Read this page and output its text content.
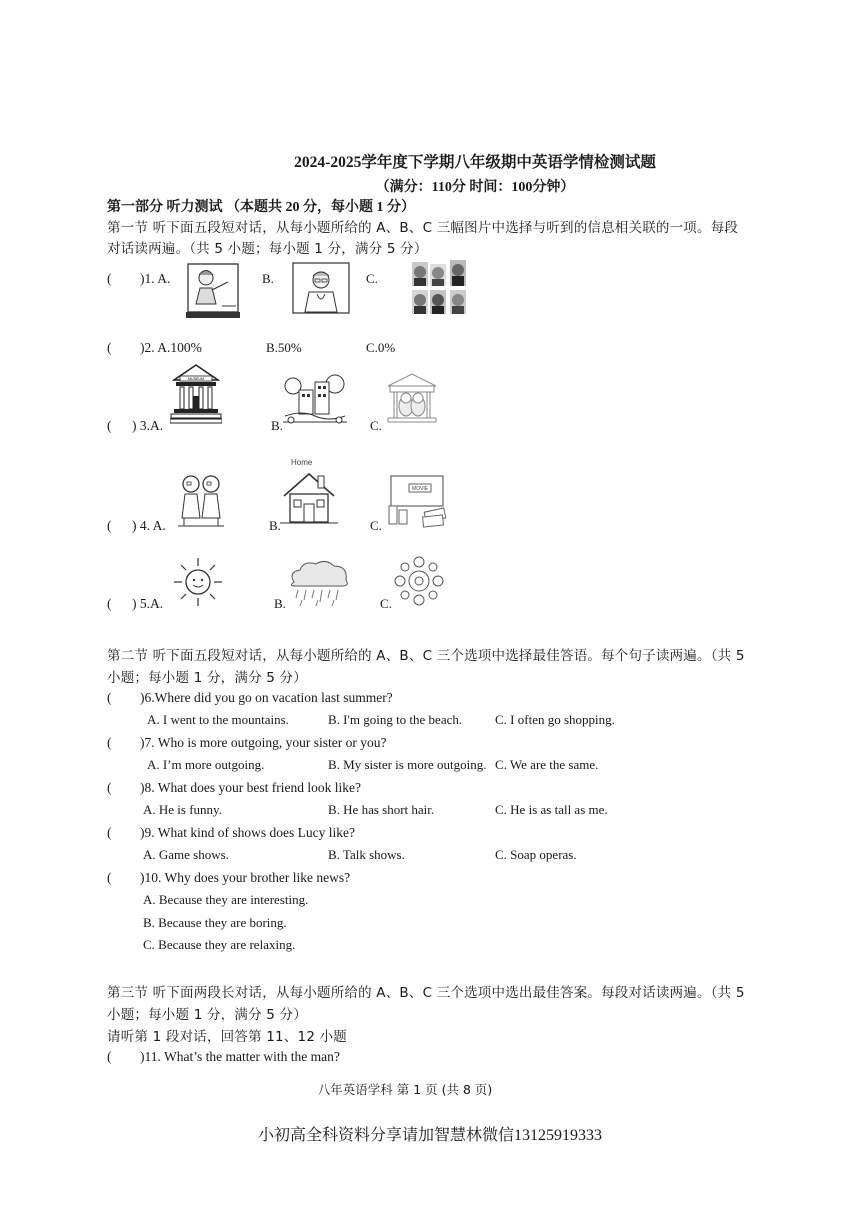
2024-2025学年度下学期八年级期中英语学情检测试题
（满分：110分 时间：100分钟）
第一部分 听力测试 （本题共 20 分，每小题 1 分）
第一节 听下面五段短对话，从每小题所给的 A、B、C 三幅图片中选择与听到的信息相关联的一项。每段
对话读两遍。（共 5 小题；每小题 1 分，满分 5 分）
( )1. A.	B.	C.
( )2. A.100%	B.50%	C.0%
MUSEUM
( ) 3.A.	B.	C.
Home
MOVIE
( ) 4. A.	B.	C.
( ) 5.A.	B.	C.
第二节 听下面五段短对话，从每小题所给的 A、B、C 三个选项中选择最佳答语。每个句子读两遍。（共 5
小题；每小题 1 分，满分 5 分）
( )6.Where did you go on vacation last summer?
A. I went to the mountains.	B. I'm going to the beach.	C. I often go shopping.
( )7. Who is more outgoing, your sister or you?
A. I’m more outgoing.	B. My sister is more outgoing. C. We are the same.
( )8. What does your best friend look like?
A. He is funny.	B. He has short hair.	C. He is as tall as me.
( )9. What kind of shows does Lucy like?
A. Game shows.	B. Talk shows.	C. Soap operas.
( )10. Why does your brother like news?
A. Because they are interesting.
B. Because they are boring.
C. Because they are relaxing.
第三节 听下面两段长对话，从每小题所给的 A、B、C 三个选项中选出最佳答案。每段对话读两遍。（共 5
小题；每小题 1 分，满分 5 分）
请听第 1 段对话，回答第 11、12 小题
( )11. What’s the matter with the man?
八年英语学科 第 1 页 (共 8 页)
小初高全科资料分享请加智慧林微信13125919333
